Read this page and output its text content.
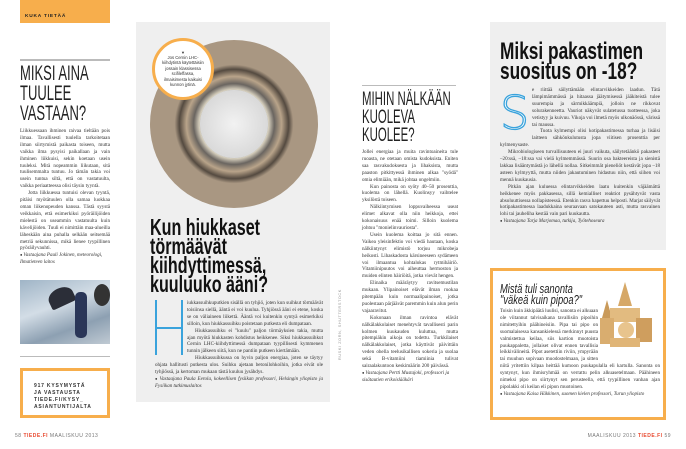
KUKA TIETÄÄ
MIKSI AINA
TUULEE
VASTAAN?

Liikkuessaan ihminen raivaa tieltään pois ilmaa. Tavallisesti tuulella tarkoitetaan ilman siirtymistä paikasta toiseen, mutta vaikka ilma pysyisi paikallaan ja vain ihminen liikkuisi, sekin koetaan usein tuuleksi. Mitä nopeammin liikutaan, sitä tuulisemmalta tuntuu. Jo tämän takia voi usein tuntua siltä, että on vastatuulta, vaikka periaatteessa olisi täysin tyyntä.

Jotta liikkuessa tuntuisi olevan tyyntä, pitäisi myötätuulen olla samaa luokkaa oman liikenopeuden kanssa. Tästä syystä veikkaisin, että esimerkiksi pyöräilijöiden mielestä on useammin vastatuulta kuin kävelijöiden. Tuuli ei nimittäin maa-alueilla läheskään aina puhalla selkään seitsemää metriä sekunnissa, mikä lienee tyypillinen pyöräilyvauhti.

● Vastaajana Pauli Jokinen, meteorologi, Ilmatieteen laitos
917 KYSYMYSTÄ
JA VASTAUSTA
TIEDE.FI/KYSY_
ASIANTUNTIJALTA
▼
Jos Cernin LHC-kiihdytintä käytettäisiin jossain klassisessa scifileffassa, ilmaisimesta kaikuisi kunnon jytinä.
Kun hiukkaset
törmäävät
kiihdyttimessä,
kuuluuko ääni?

iukkassuihkuputkien sisällä on tyhjiö, joten kun suihkut törmäävät toisiinsa siellä, ääntä ei voi kuulua. Tyhjiössä ääni ei etene, koska se on väliaineen liikettä. Ääntä voi kuitenkin syntyä esimerkiksi silloin, kun hiukkassuihku poistetaan putkesta eli dumpataan.

Hiukkassuihku ei "kuulu" paljon törmäyksien takia, mutta ajan myötä hiukkasten kohdistus heikkenee. Siksi hiukkassuihkut Cernin LHC-kiihdyttimessä dumpataan tyypillisesti kymmenen tunnin jälkeen siitä, kun ne pantiin putkeen kiertämään.

Hiukkassuihkussa on hyvin paljon energiaa, joten se täytyy ohjata hallitusti putkesta ulos. Suihku ajetaan betonilohkoihin, jotka eivät ole tyhjiössä, ja kertoman mukaan tästä kuuluu jysähdys.

● Vastaajana Paula Eerola, kokeellisen fysiikan professori, Helsingin yliopisto ja Fysiikan tutkimuslaitos
RUSKI ZORN, SHUTTERSTOCK
58 TIEDE.FI MAALISKUU 2013
MIHIN NÄLKÄÄN
KUOLEVA
KUOLEE?

Jollei energiaa ja muita ravintoaineita tule ruoasta, ne otetaan omista kudoksista. Eniten saa rasvakudoksesta ja lihaksista, mutta paaston pitkittyessä ihminen alkaa "syödä" omia elimiään, mikä johtaa ongelmiin.

Kun painosta on syöty 40–50 prosenttia, kuolema on lähellä. Kuolinsyy vaihtelee yksilöstä toiseen.

Nälkiintymisen loppuvaiheessa useat elimet alkavat olla niin heikkoja, ettei kokonaisuus enää toimi. Silloin kuolema johtuu "monielinvauriosta".

Usein kuolema koittaa jo sitä ennen. Vaikea yleisinfektio voi viedä hautaan, koska nälkiintynyt elimistö torjuu mikrobeja heikosti. Lihaskadosta kärsineeseen sydämeen voi ilmaantua kohtalokas rytmihäiriö. Vitamiinipuutos voi aiheuttaa hermoston ja muiden elinten häiriöitä, jotka vievät hengen.

Elinaika määräytyy ravitsemustilan mukaan. Ylipainoiset elävät ilman ruokaa pitempään kuin normaalipainoiset, jotka puolestaan pärjäävät paremmin kuin alun perin vajaaravitut.

Kokonaan ilman ravintoa elävät nälkälakkolaiset menehtyvät tavallisesti parin kolmen kuukauden kuluttua, mutta pitempiäkin aikoja on todettu. Turkkilaiset nälkälakkolaiset, jotka käyttivät päivittäin veden ohella teelusikallisen sokeria ja suolaa sekä B-vitamiini tiamiinia tulivat sairaalakuntoon keskimäärin 200 päivässä.

● Vastaajana Pertti Mustajoki, professori ja sisätautien erikoislääkäri
Miksi pakastimen
suositus on -18?
S e riittää säilyttämään elintarvikkeiden laadun. Tätä lämpimämmässä ja hitaassa jäätymisessä jääkiteistä tulee suurempia ja särmikkäämpiä, jolloin ne rikkovat solurakenneetta. Vauriot näkyvät sulatetussa tuotteessa, joka vetistyy ja kuivuu. Vikoja voi ilmetä myös ulkonäössä, värissä tai maussa.

Tuota kylmempi olisi kotipakastimessa turhaa ja lisäisi laitteen sähkönkulutusta jopa viitisen prosenttia per kylmenysaste.

Mikrobiologiseen turvallisuuteen ei juuri vaikuta, säilytetäänkö pakasteet –20:ssä, –18:ssa vai vielä kylmemmässä. Suurin osa bakteereista ja sienistä lakkaa lisääntymästä jo lähellä nollaa. Sitkeimmät pieneliöt kestävät jopa –18 asteen kylmyyttä, mutta niiden jakautuminen hidastuu niin, että siihen voi mennä kuukausia.

Pitkän ajan kuluessa elintarvikkeiden laatu kuitenkin väjäämättä heikkenee myös pakkasessa, sillä kemialliset reaktiot pysähtyvät vasta absoluuttisessa nollapisteessä. Etenkin rasva hapettuu helposti. Marjat säilyvät kotipakastimessa laadukkaina seuraavaan satokauteen asti, mutta rasvainen lohi tai jauheliha kestää vain pari kuukautta.

● Vastaajana Tarja Marjomaa, tutkija, Työtehoseura
Mistä tuli sanonta
"väkeä kuin pipoa?"

Toisin kuin äkkipäätä luulisi, sanonta ei alkuaan ole viitannut talvisaikana tavallisiin pipoihin nimitettyihin päähineisiin. Pipa tai pipo on suomalaisessa kansankielessä merkinnyt puusta valmistettua keilaa, siis kartion muotoista puukappaletta, jollaiset olivat ennen tavallisia leikkivälineitä. Pipot asetettiin riviin, ympyrään tai muuhun sopivaan muodostelmaan, ja sitten niitä yritettiin kilpaa heittää kumoon puukapulalla eli kartulla. Sanonta on syntynyt, kun ihmisryhmää on verrattu pelin alkuasetelmaan. Päähineen nimeksi pipo on siirtynyt sen perusteella, että tyypillinen vanhan ajan pipolakki oli keilan eli pipon muotoinen.

● Vastaajana Kaisa Häkkinen, suomen kielen professori, Turun yliopisto
MAALISKUU 2013 TIEDE.FI 59
